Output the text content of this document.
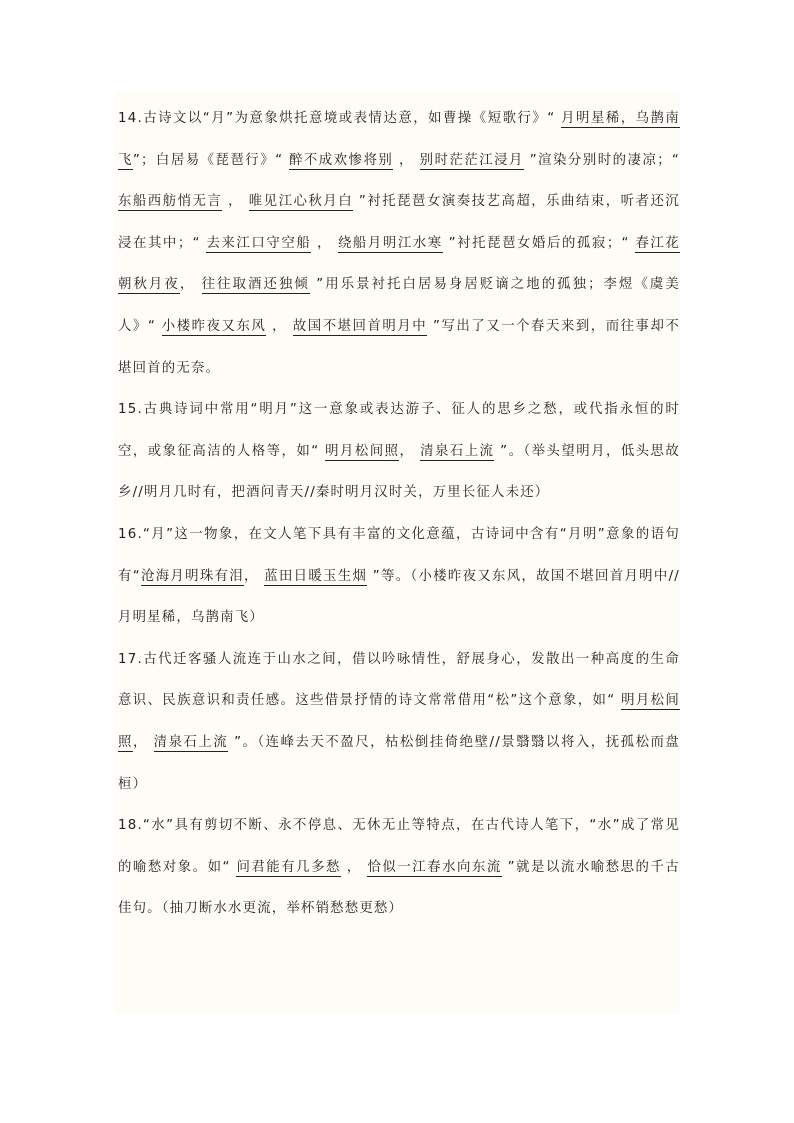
14.古诗文以“月”为意象烘托意境或表情达意，如曹操《短歌行》“ 月明星稀，乌鹊南飞”；白居易《琵琶行》“ 醉不成欢惨将别 ， 别时茫茫江浸月 ”渲染分别时的凄凉；“ 东船西舫悄无言 ， 唯见江心秋月白 ”衬托琵琶女演奏技艺高超，乐曲结束，听者还沉浸在其中；“ 去来江口守空船 ， 绕船月明江水寒 ”衬托琵琶女婚后的孤寂；“ 春江花朝秋月夜， 往往取酒还独倾 ”用乐景衬托白居易身居贬谪之地的孤独；李煜《虞美人》“ 小楼昨夜又东风 ， 故国不堪回首明月中 ”写出了又一个春天来到，而往事却不堪回首的无奈。

15.古典诗词中常用“明月”这一意象或表达游子、征人的思乡之愁，或代指永恒的时空，或象征高洁的人格等，如“ 明月松间照， 清泉石上流 ”。（举头望明月，低头思故乡//明月几时有，把酒问青天//秦时明月汉时关，万里长征人未还）

16.“月”这一物象，在文人笔下具有丰富的文化意蕴，古诗词中含有“月明”意象的语句有“沧海月明珠有泪， 蓝田日暖玉生烟 ”等。（小楼昨夜又东风，故国不堪回首月明中//月明星稀，乌鹊南飞）

17.古代迁客骚人流连于山水之间，借以吟咏情性，舒展身心，发散出一种高度的生命意识、民族意识和责任感。这些借景抒情的诗文常常借用“松”这个意象，如“ 明月松间照， 清泉石上流 ”。（连峰去天不盈尺，枯松倒挂倚绝壁//景翳翳以将入，抚孤松而盘桓）

18.“水”具有剪切不断、永不停息、无休无止等特点，在古代诗人笔下，“水”成了常见的喻愁对象。如“ 问君能有几多愁 ， 恰似一江春水向东流 ”就是以流水喻愁思的千古佳句。（抽刀断水水更流，举杯销愁愁更愁）
